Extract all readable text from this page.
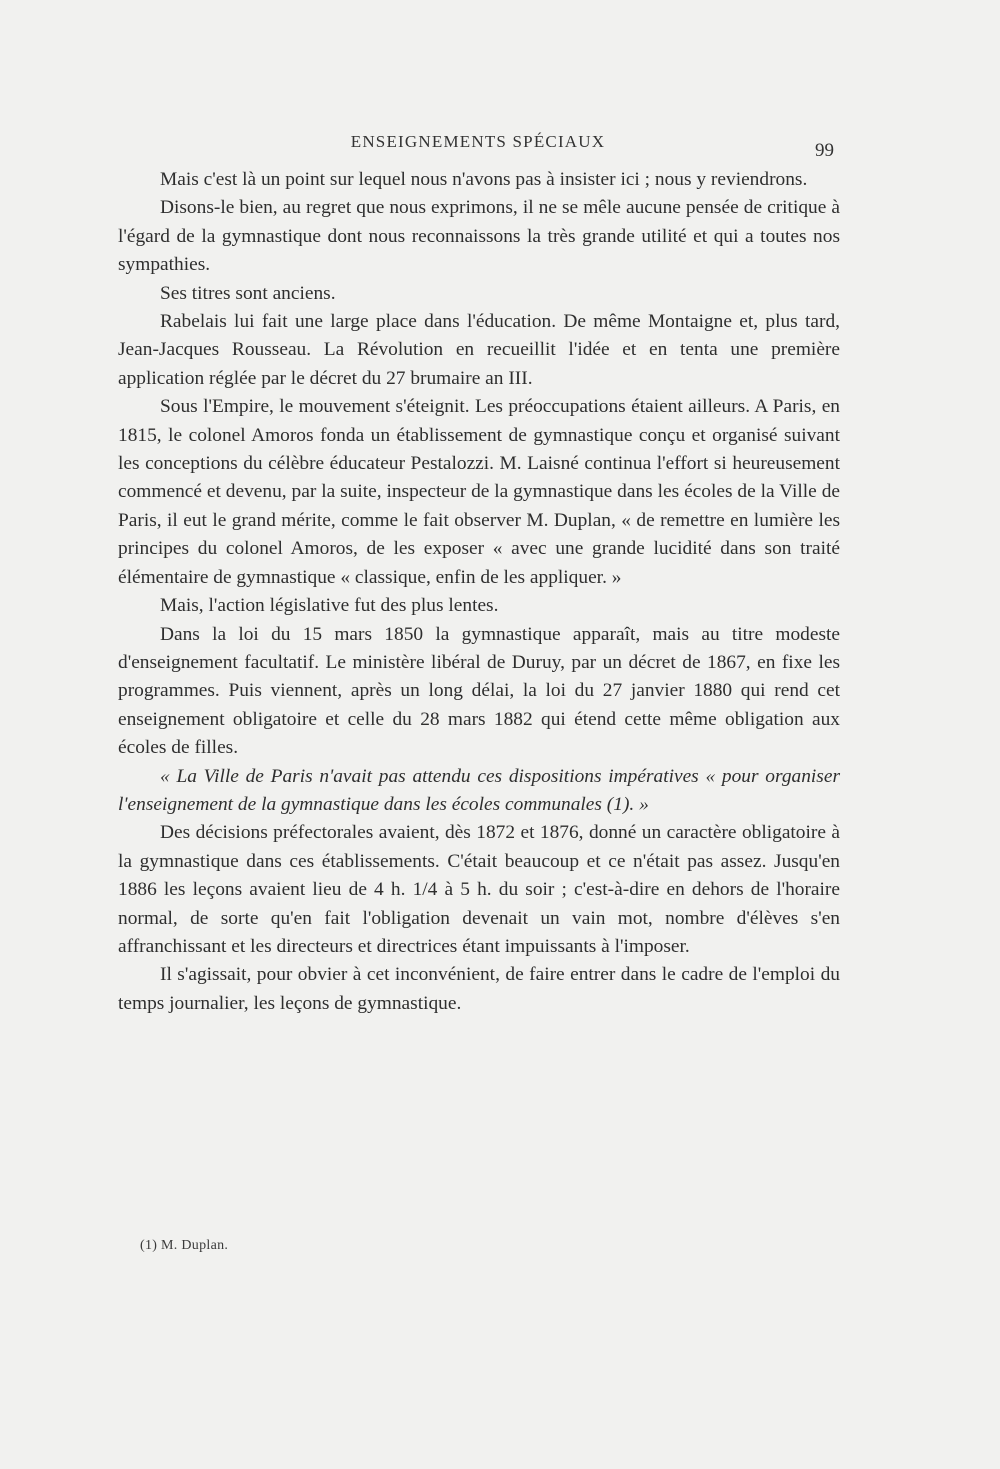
ENSEIGNEMENTS SPÉCIAUX	99

Mais c'est là un point sur lequel nous n'avons pas à insister ici ; nous y reviendrons.

Disons-le bien, au regret que nous exprimons, il ne se mêle aucune pensée de critique à l'égard de la gymnastique dont nous reconnaissons la très grande utilité et qui a toutes nos sympathies.

Ses titres sont anciens.

Rabelais lui fait une large place dans l'éducation. De même Montaigne et, plus tard, Jean-Jacques Rousseau. La Révolution en recueillit l'idée et en tenta une première application réglée par le décret du 27 brumaire an III.

Sous l'Empire, le mouvement s'éteignit. Les préoccupations étaient ailleurs. A Paris, en 1815, le colonel Amoros fonda un établissement de gymnastique conçu et organisé suivant les conceptions du célèbre éducateur Pestalozzi. M. Laisné continua l'effort si heureusement commencé et devenu, par la suite, inspecteur de la gymnastique dans les écoles de la Ville de Paris, il eut le grand mérite, comme le fait observer M. Duplan, « de remettre en lumière les principes du colonel Amoros, de les exposer « avec une grande lucidité dans son traité élémentaire de gymnastique « classique, enfin de les appliquer. »

Mais, l'action législative fut des plus lentes.

Dans la loi du 15 mars 1850 la gymnastique apparaît, mais au titre modeste d'enseignement facultatif. Le ministère libéral de Duruy, par un décret de 1867, en fixe les programmes. Puis viennent, après un long délai, la loi du 27 janvier 1880 qui rend cet enseignement obligatoire et celle du 28 mars 1882 qui étend cette même obligation aux écoles de filles.

« La Ville de Paris n'avait pas attendu ces dispositions impératives « pour organiser l'enseignement de la gymnastique dans les écoles communales (1). »

Des décisions préfectorales avaient, dès 1872 et 1876, donné un caractère obligatoire à la gymnastique dans ces établissements. C'était beaucoup et ce n'était pas assez. Jusqu'en 1886 les leçons avaient lieu de 4 h. 1/4 à 5 h. du soir ; c'est-à-dire en dehors de l'horaire normal, de sorte qu'en fait l'obligation devenait un vain mot, nombre d'élèves s'en affranchissant et les directeurs et directrices étant impuissants à l'imposer.

Il s'agissait, pour obvier à cet inconvénient, de faire entrer dans le cadre de l'emploi du temps journalier, les leçons de gymnastique.

(1) M. Duplan.
